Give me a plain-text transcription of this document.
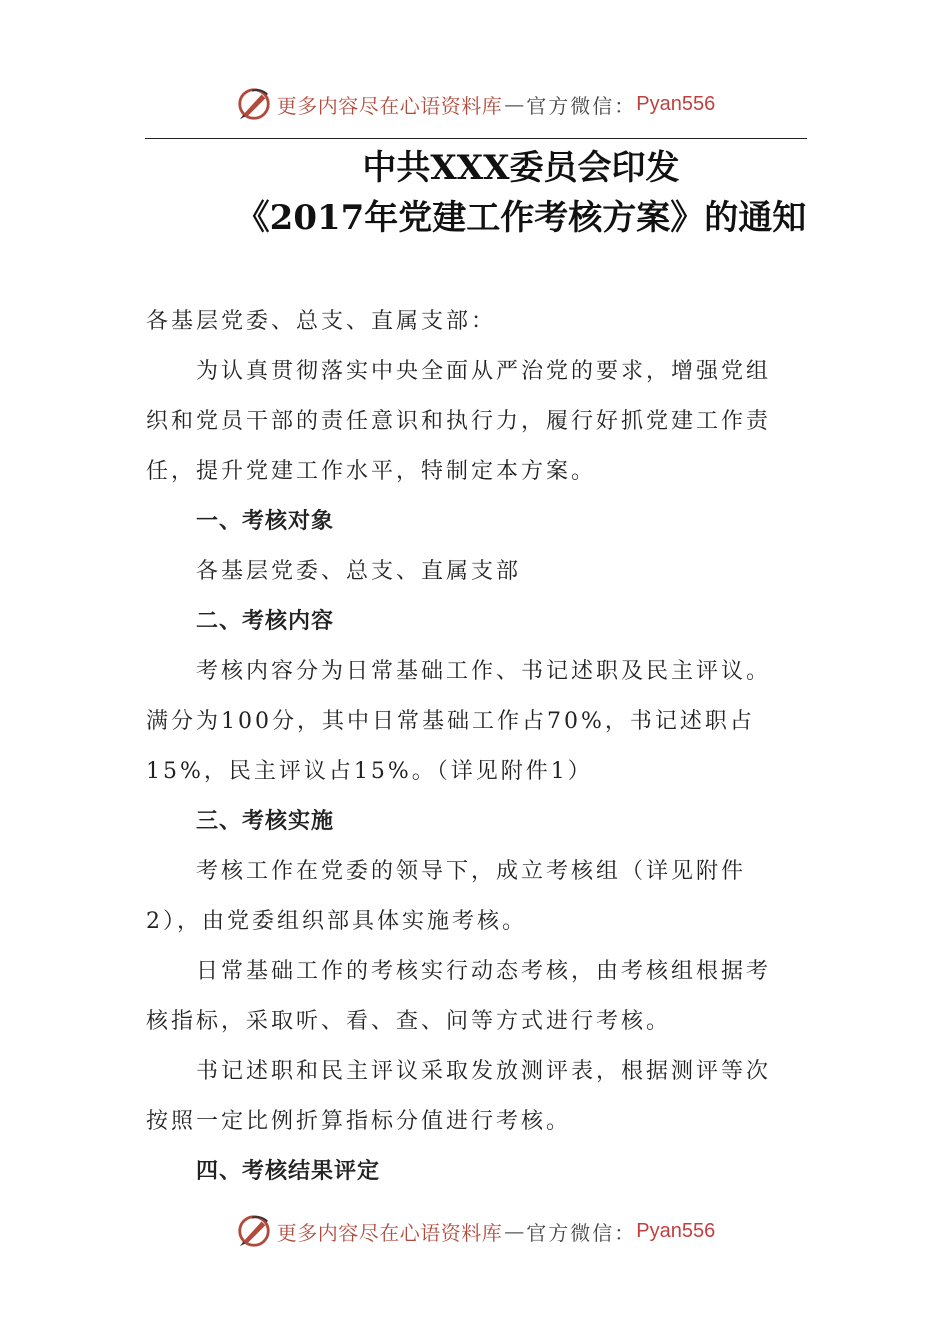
更多内容尽在心语资料库 — 官方微信： Pyan556
中共XXX委员会印发
《2017年党建工作考核方案》的通知
各基层党委、总支、直属支部：
为认真贯彻落实中央全面从严治党的要求，增强党组
织和党员干部的责任意识和执行力，履行好抓党建工作责
任，提升党建工作水平，特制定本方案。
一、考核对象
各基层党委、总支、直属支部
二、考核内容
考核内容分为日常基础工作、书记述职及民主评议。
满分为100分，其中日常基础工作占70%，书记述职占
15%，民主评议占15%。（详见附件1）
三、考核实施
考核工作在党委的领导下，成立考核组（详见附件
2），由党委组织部具体实施考核。
日常基础工作的考核实行动态考核，由考核组根据考
核指标，采取听、看、查、问等方式进行考核。
书记述职和民主评议采取发放测评表，根据测评等次
按照一定比例折算指标分值进行考核。
四、考核结果评定
更多内容尽在心语资料库 — 官方微信： Pyan556
